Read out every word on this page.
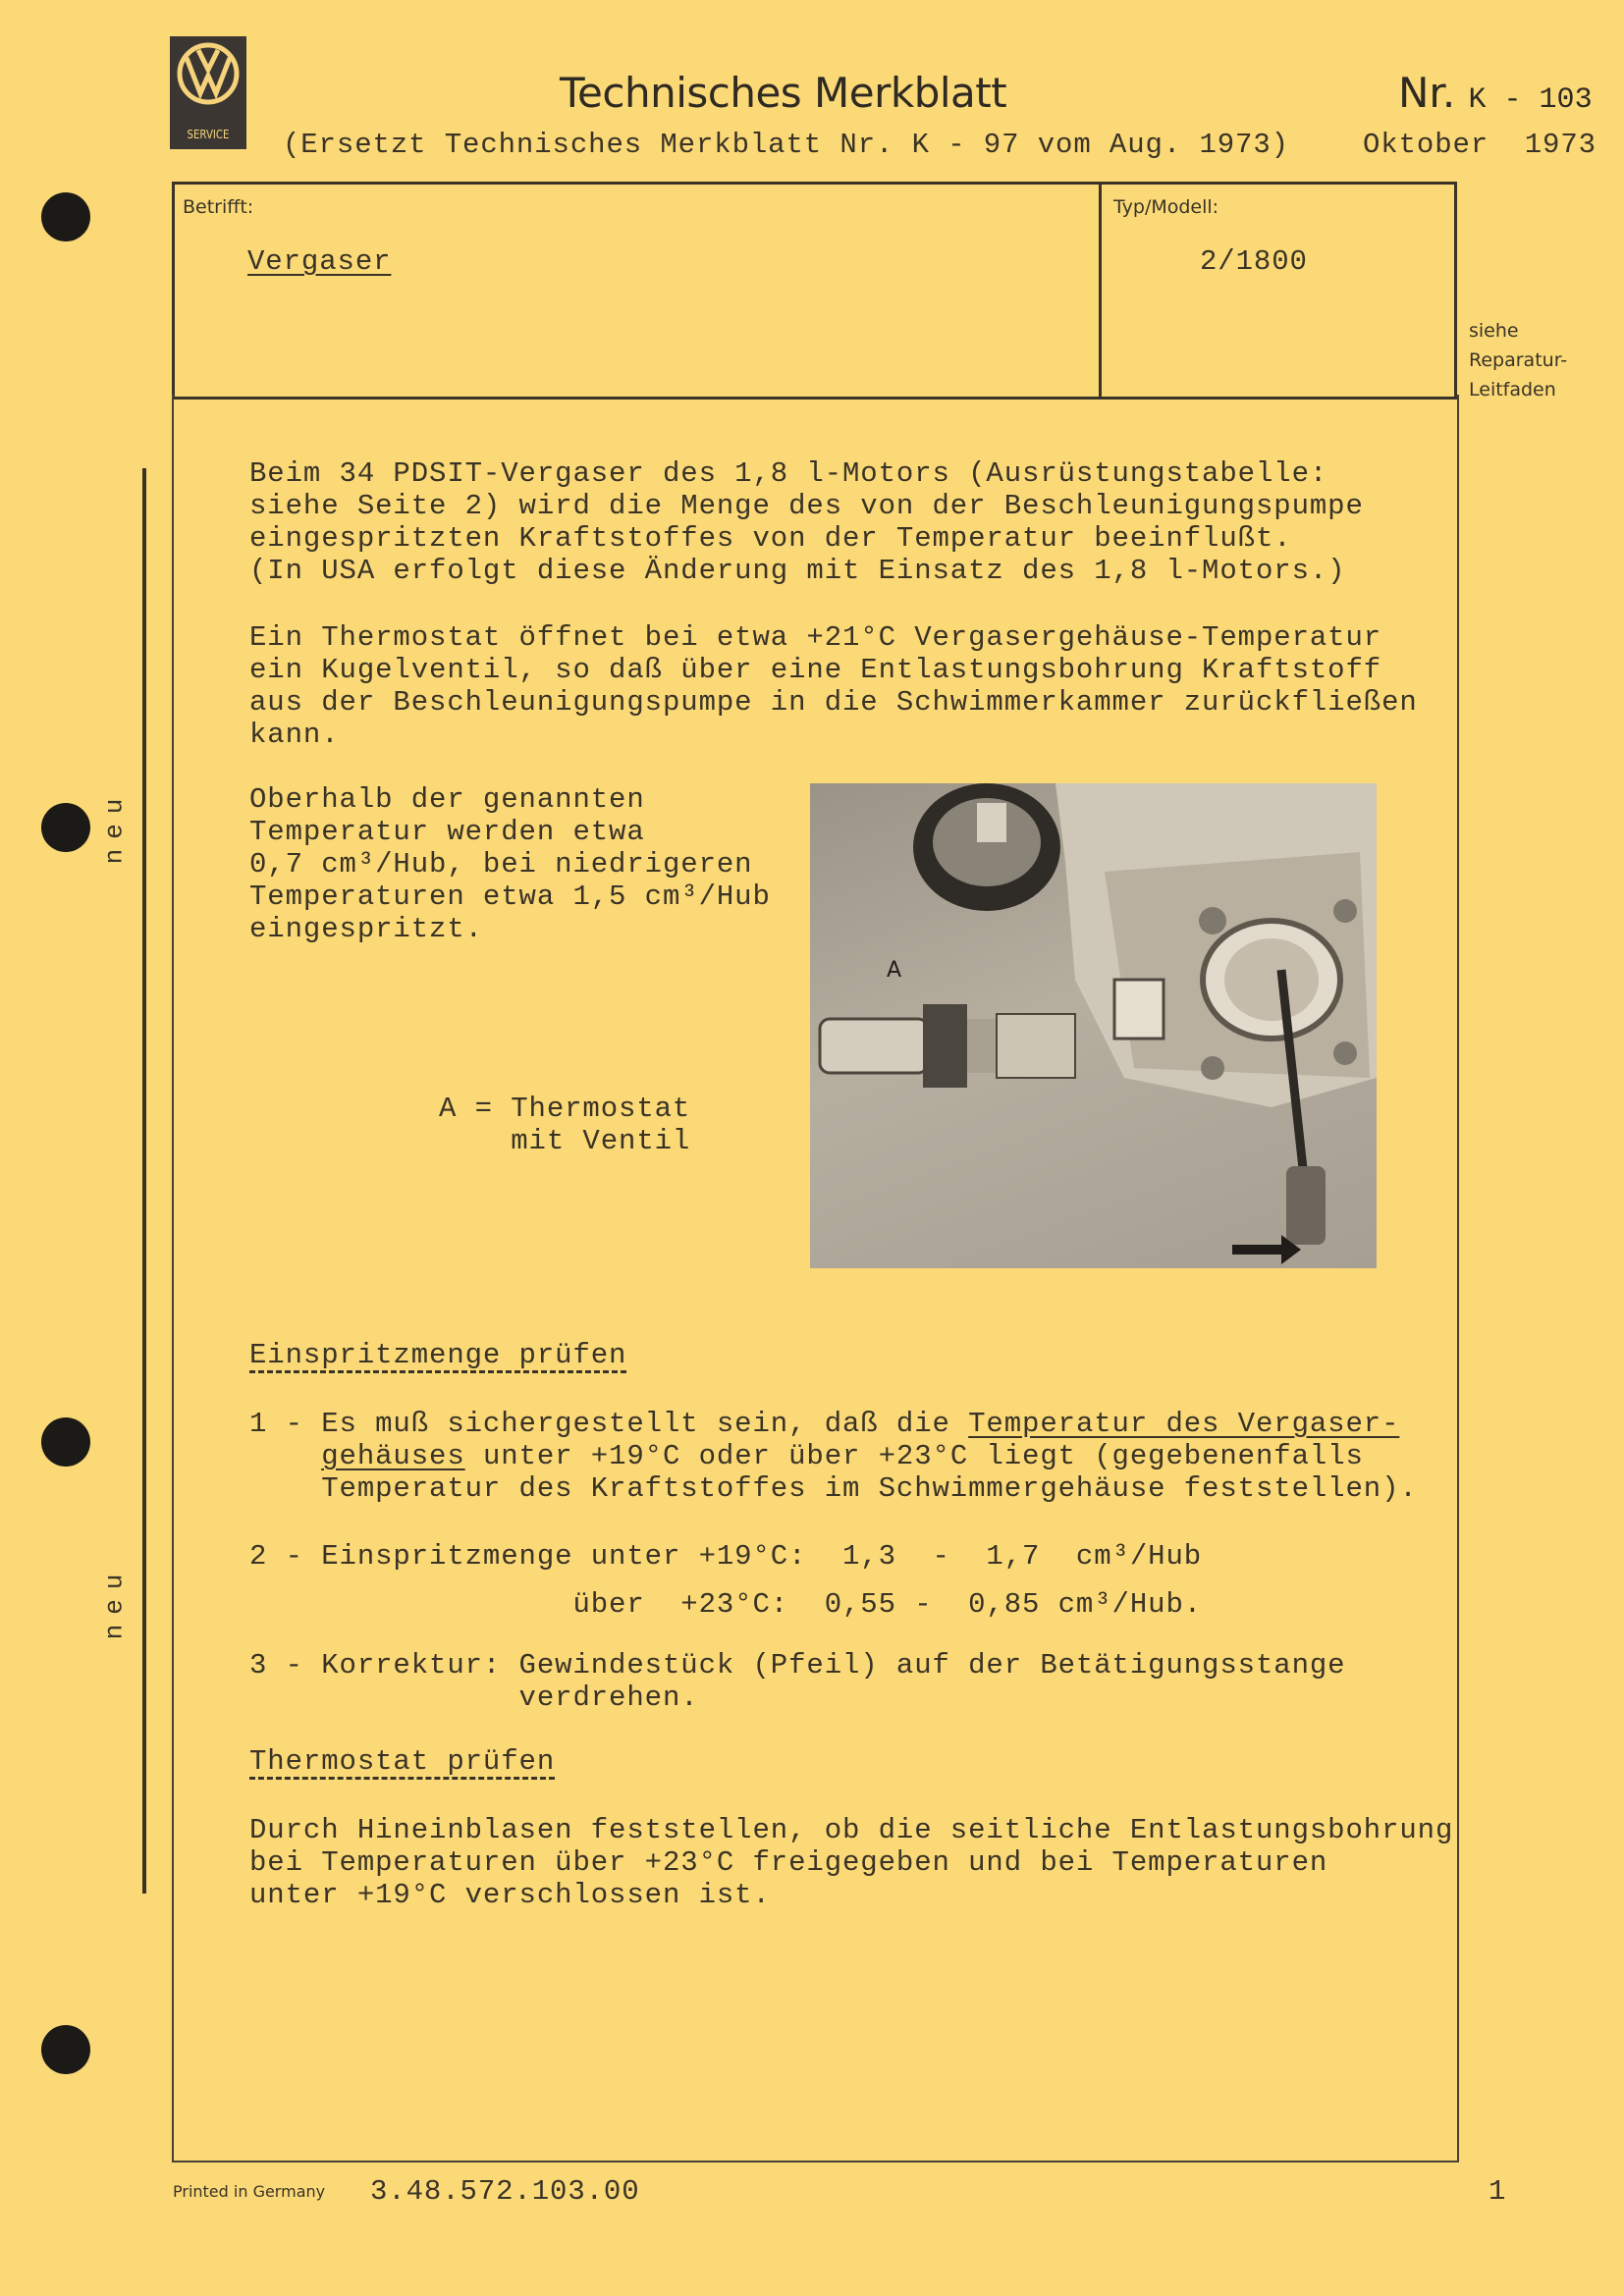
SERVICE
Technisches Merkblatt	Nr. K - 103
(Ersetzt Technisches Merkblatt Nr. K - 97 vom Aug. 1973)	Oktober  1973
Betrifft:
Vergaser
Typ/Modell:
2/1800
siehe
Reparatur-
Leitfaden
neu
neu
Beim 34 PDSIT-Vergaser des 1,8 l-Motors (Ausrüstungstabelle:
siehe Seite 2) wird die Menge des von der Beschleunigungspumpe
eingespritzten Kraftstoffes von der Temperatur beeinflußt.
(In USA erfolgt diese Änderung mit Einsatz des 1,8 l-Motors.)
Ein Thermostat öffnet bei etwa +21°C Vergasergehäuse-Temperatur
ein Kugelventil, so daß über eine Entlastungsbohrung Kraftstoff
aus der Beschleunigungspumpe in die Schwimmerkammer zurückfließen
kann.
Oberhalb der genannten
Temperatur werden etwa
0,7 cm³/Hub, bei niedrigeren
Temperaturen etwa 1,5 cm³/Hub
eingespritzt.
A = Thermostat
mit Ventil
A
Einspritzmenge prüfen
1 - Es muß sichergestellt sein, daß die Temperatur des Vergaser-
gehäuses unter +19°C oder über +23°C liegt (gegebenenfalls
Temperatur des Kraftstoffes im Schwimmergehäuse feststellen).
2 - Einspritzmenge unter +19°C:  1,3  -  1,7  cm³/Hub
über  +23°C:  0,55 -  0,85 cm³/Hub.
3 - Korrektur: Gewindestück (Pfeil) auf der Betätigungsstange
verdrehen.
Thermostat prüfen
Durch Hineinblasen feststellen, ob die seitliche Entlastungsbohrung
bei Temperaturen über +23°C freigegeben und bei Temperaturen
unter +19°C verschlossen ist.
Printed in Germany 3.48.572.103.00	1
